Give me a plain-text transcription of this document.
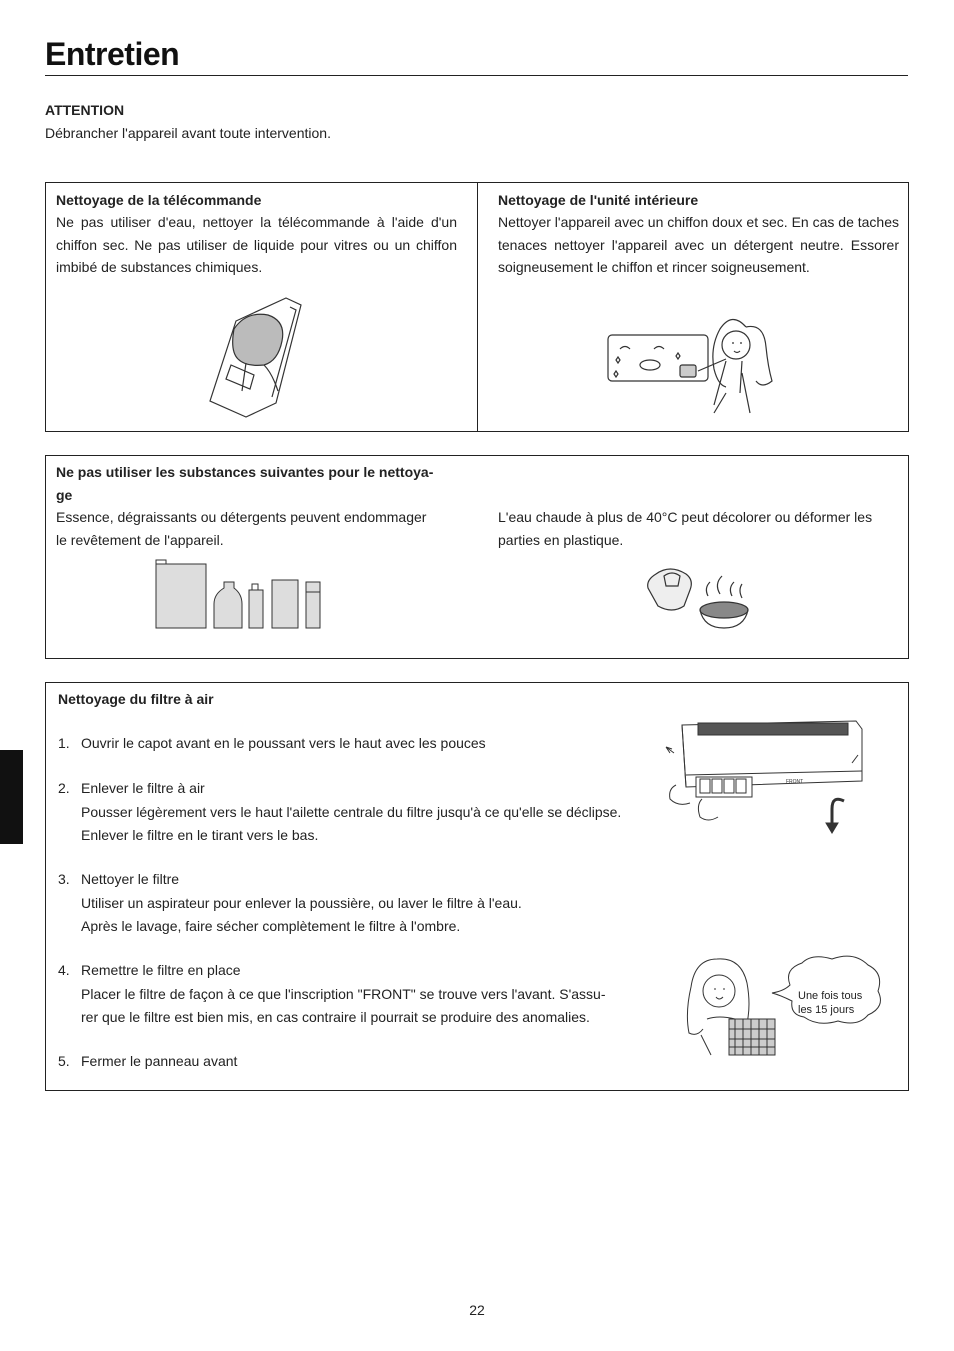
Entretien
ATTENTION
Débrancher l'appareil avant toute intervention.
Nettoyage de la télécommande
Ne pas utiliser d'eau, nettoyer la télécommande à l'aide d'un chiffon sec. Ne pas utiliser de liquide pour vitres ou un chiffon imbibé de substances chimiques.
Nettoyage de l'unité intérieure
Nettoyer l'appareil avec un chiffon doux et sec. En cas de taches tenaces nettoyer l'appareil avec un détergent neutre. Essorer soigneusement le chiffon et rincer soigneusement.
Ne pas utiliser les substances suivantes pour le nettoya-
ge
Essence, dégraissants ou détergents peuvent endommager
le revêtement de l'appareil.
L'eau chaude à plus de 40°C peut décolorer ou déformer les
parties en plastique.
Nettoyage du filtre à air
1. Ouvrir le capot avant en le poussant vers le haut avec les pouces
2. Enlever le filtre à air
Pousser légèrement vers le haut l'ailette centrale du filtre jusqu'à ce qu'elle se déclipse.
Enlever le filtre en le tirant vers le bas.
3. Nettoyer le filtre
Utiliser un aspirateur pour enlever la poussière, ou laver le filtre à l'eau.
Après le lavage, faire sécher complètement le filtre à l'ombre.
4. Remettre le filtre en place
Placer le filtre de façon à ce que l'inscription "FRONT" se trouve vers l'avant. S'assu-
rer que le filtre est bien mis, en cas contraire il pourrait se produire des anomalies.
5. Fermer le panneau avant
FRONT
Une fois tous
les 15 jours
22
